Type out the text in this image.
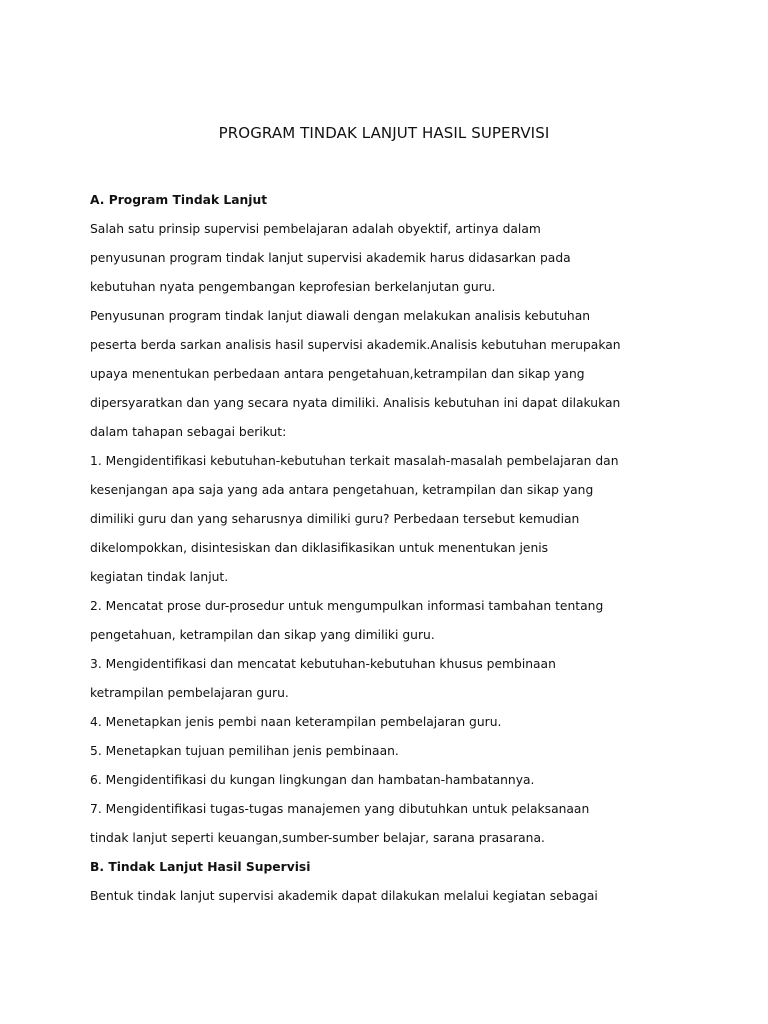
PROGRAM TINDAK LANJUT HASIL SUPERVISI
A. Program Tindak Lanjut
Salah satu prinsip supervisi pembelajaran adalah obyektif, artinya dalam
penyusunan program tindak lanjut supervisi akademik harus didasarkan pada
kebutuhan nyata pengembangan keprofesian berkelanjutan guru.
Penyusunan program tindak lanjut diawali dengan melakukan analisis kebutuhan
peserta berda sarkan analisis hasil supervisi akademik.Analisis kebutuhan merupakan
upaya menentukan perbedaan antara pengetahuan,ketrampilan dan sikap yang
dipersyaratkan dan yang secara nyata dimiliki. Analisis kebutuhan ini dapat dilakukan
dalam tahapan sebagai berikut:
1. Mengidentifikasi kebutuhan-kebutuhan terkait masalah-masalah pembelajaran dan
kesenjangan apa saja yang ada antara pengetahuan, ketrampilan dan sikap yang
dimiliki guru dan yang seharusnya dimiliki guru? Perbedaan tersebut kemudian
dikelompokkan, disintesiskan dan diklasifikasikan untuk menentukan jenis
kegiatan tindak lanjut.
2. Mencatat prose dur-prosedur untuk mengumpulkan informasi tambahan tentang
pengetahuan, ketrampilan dan sikap yang dimiliki guru.
3. Mengidentifikasi dan mencatat kebutuhan-kebutuhan khusus pembinaan
ketrampilan pembelajaran guru.
4. Menetapkan jenis pembi naan keterampilan pembelajaran guru.
5. Menetapkan tujuan pemilihan jenis pembinaan.
6. Mengidentifikasi du kungan lingkungan dan hambatan-hambatannya.
7. Mengidentifikasi tugas-tugas manajemen yang dibutuhkan untuk pelaksanaan
tindak lanjut seperti keuangan,sumber-sumber belajar, sarana prasarana.
B. Tindak Lanjut Hasil Supervisi
Bentuk tindak lanjut supervisi akademik dapat dilakukan melalui kegiatan sebagai
